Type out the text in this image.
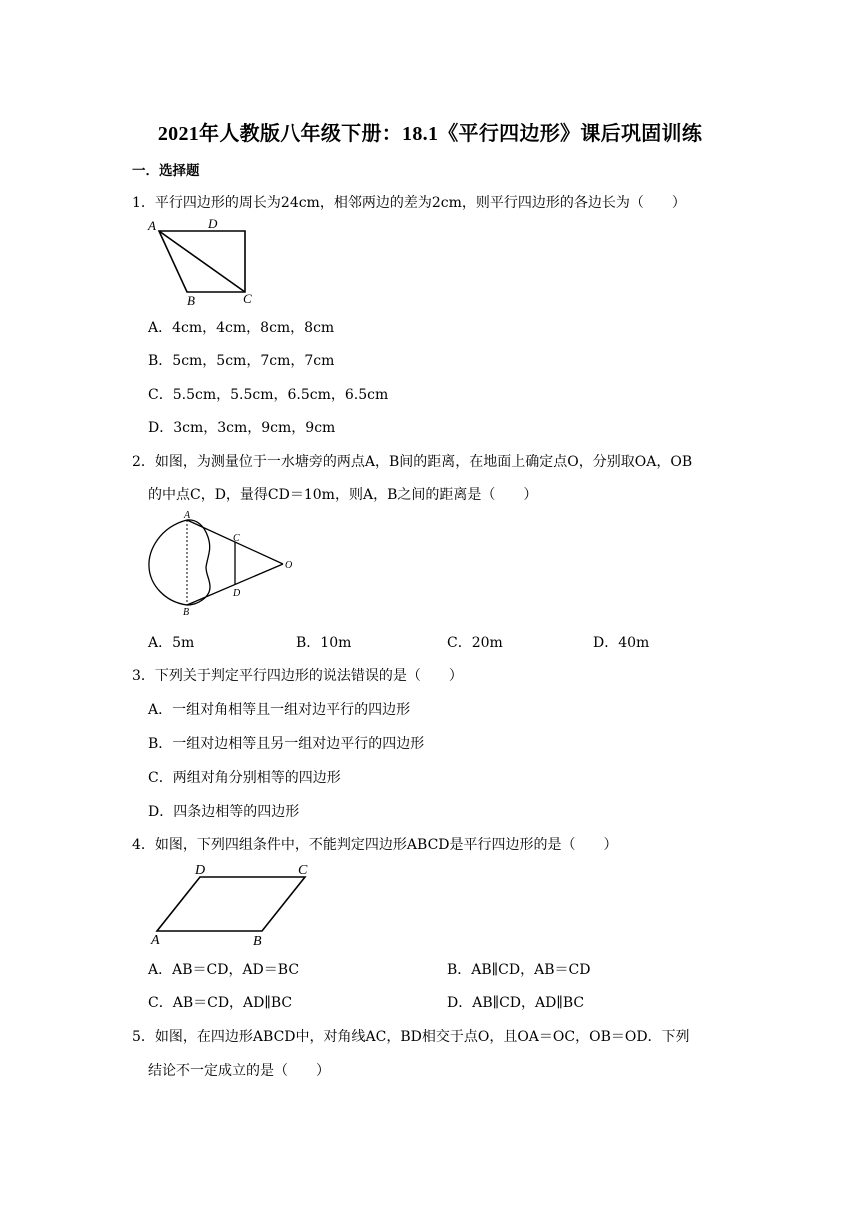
2021年人教版八年级下册：18.1《平行四边形》课后巩固训练
一．选择题
1．平行四边形的周长为24cm，相邻两边的差为2cm，则平行四边形的各边长为（　　）
A	D
B	C
A．4cm，4cm，8cm，8cm
B．5cm，5cm，7cm，7cm
C．5.5cm，5.5cm，6.5cm，6.5cm
D．3cm，3cm，9cm，9cm
2．如图，为测量位于一水塘旁的两点A，B间的距离，在地面上确定点O，分别取OA，OB
的中点C，D，量得CD＝10m，则A，B之间的距离是（　　）
A
B
C
D
O
A．5m	B．10m	C．20m	D．40m
3．下列关于判定平行四边形的说法错误的是（　　）
A．一组对角相等且一组对边平行的四边形
B．一组对边相等且另一组对边平行的四边形
C．两组对角分别相等的四边形
D．四条边相等的四边形
4．如图，下列四组条件中，不能判定四边形ABCD是平行四边形的是（　　）
D	C
A	B
A．AB＝CD，AD＝BC	B．AB∥CD，AB＝CD
C．AB＝CD，AD∥BC	D．AB∥CD，AD∥BC
5．如图，在四边形ABCD中，对角线AC，BD相交于点O，且OA＝OC，OB＝OD．下列
结论不一定成立的是（　　）
